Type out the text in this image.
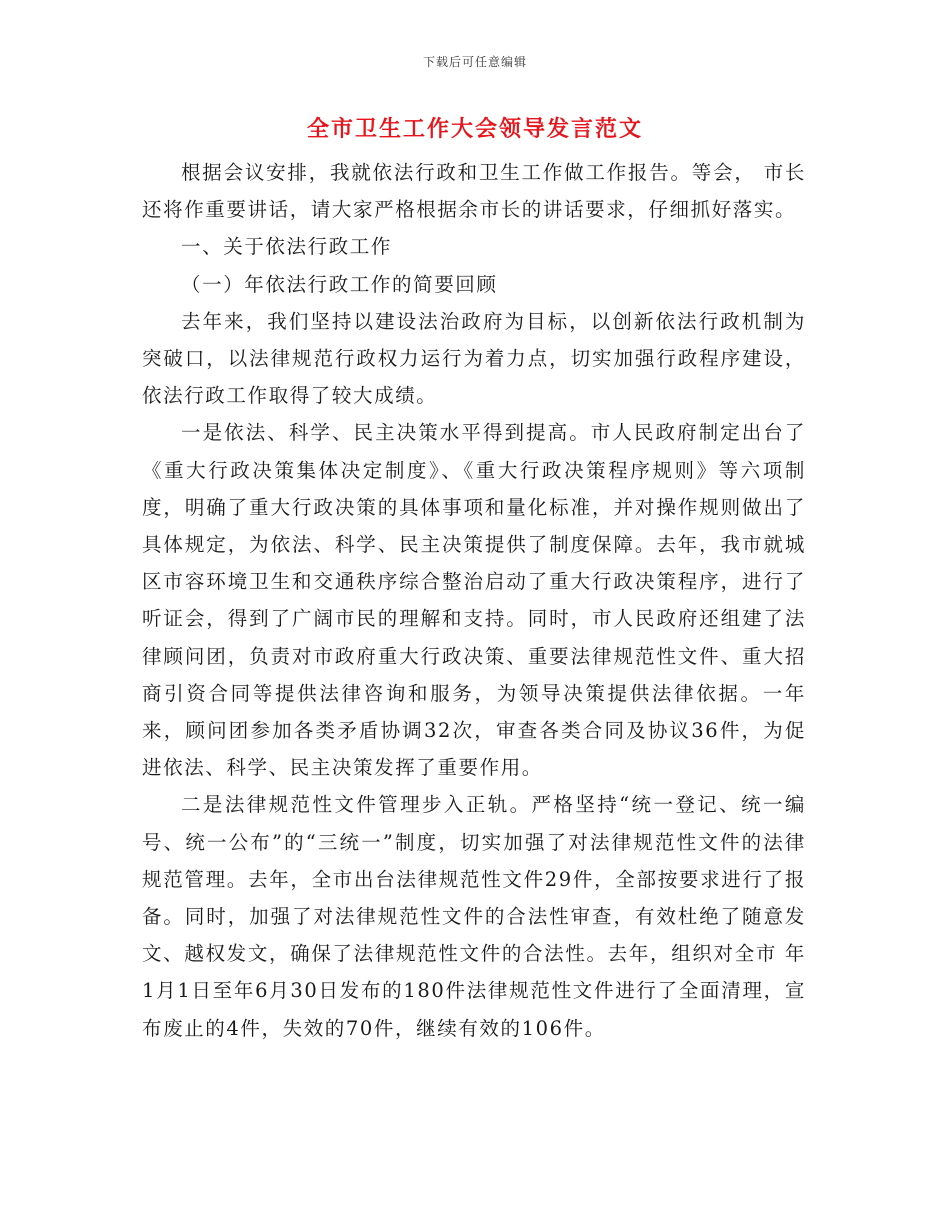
下载后可任意编辑
全市卫生工作大会领导发言范文

根据会议安排，我就依法行政和卫生工作做工作报告。等会， 市长还将作重要讲话，请大家严格根据余市长的讲话要求，仔细抓好落实。

一、关于依法行政工作

（一）年依法行政工作的简要回顾

去年来，我们坚持以建设法治政府为目标，以创新依法行政机制为突破口，以法律规范行政权力运行为着力点，切实加强行政程序建设，依法行政工作取得了较大成绩。

一是依法、科学、民主决策水平得到提高。市人民政府制定出台了《重大行政决策集体决定制度》、《重大行政决策程序规则》等六项制度，明确了重大行政决策的具体事项和量化标准，并对操作规则做出了具体规定，为依法、科学、民主决策提供了制度保障。去年，我市就城区市容环境卫生和交通秩序综合整治启动了重大行政决策程序，进行了听证会，得到了广阔市民的理解和支持。同时，市人民政府还组建了法律顾问团，负责对市政府重大行政决策、重要法律规范性文件、重大招商引资合同等提供法律咨询和服务，为领导决策提供法律依据。一年来，顾问团参加各类矛盾协调32次，审查各类合同及协议36件，为促进依法、科学、民主决策发挥了重要作用。

二是法律规范性文件管理步入正轨。严格坚持“统一登记、统一编号、统一公布”的“三统一”制度，切实加强了对法律规范性文件的法律规范管理。去年，全市出台法律规范性文件29件，全部按要求进行了报备。同时，加强了对法律规范性文件的合法性审查，有效杜绝了随意发文、越权发文，确保了法律规范性文件的合法性。去年，组织对全市 年1月1日至年6月30日发布的180件法律规范性文件进行了全面清理，宣布废止的4件，失效的70件，继续有效的106件。
